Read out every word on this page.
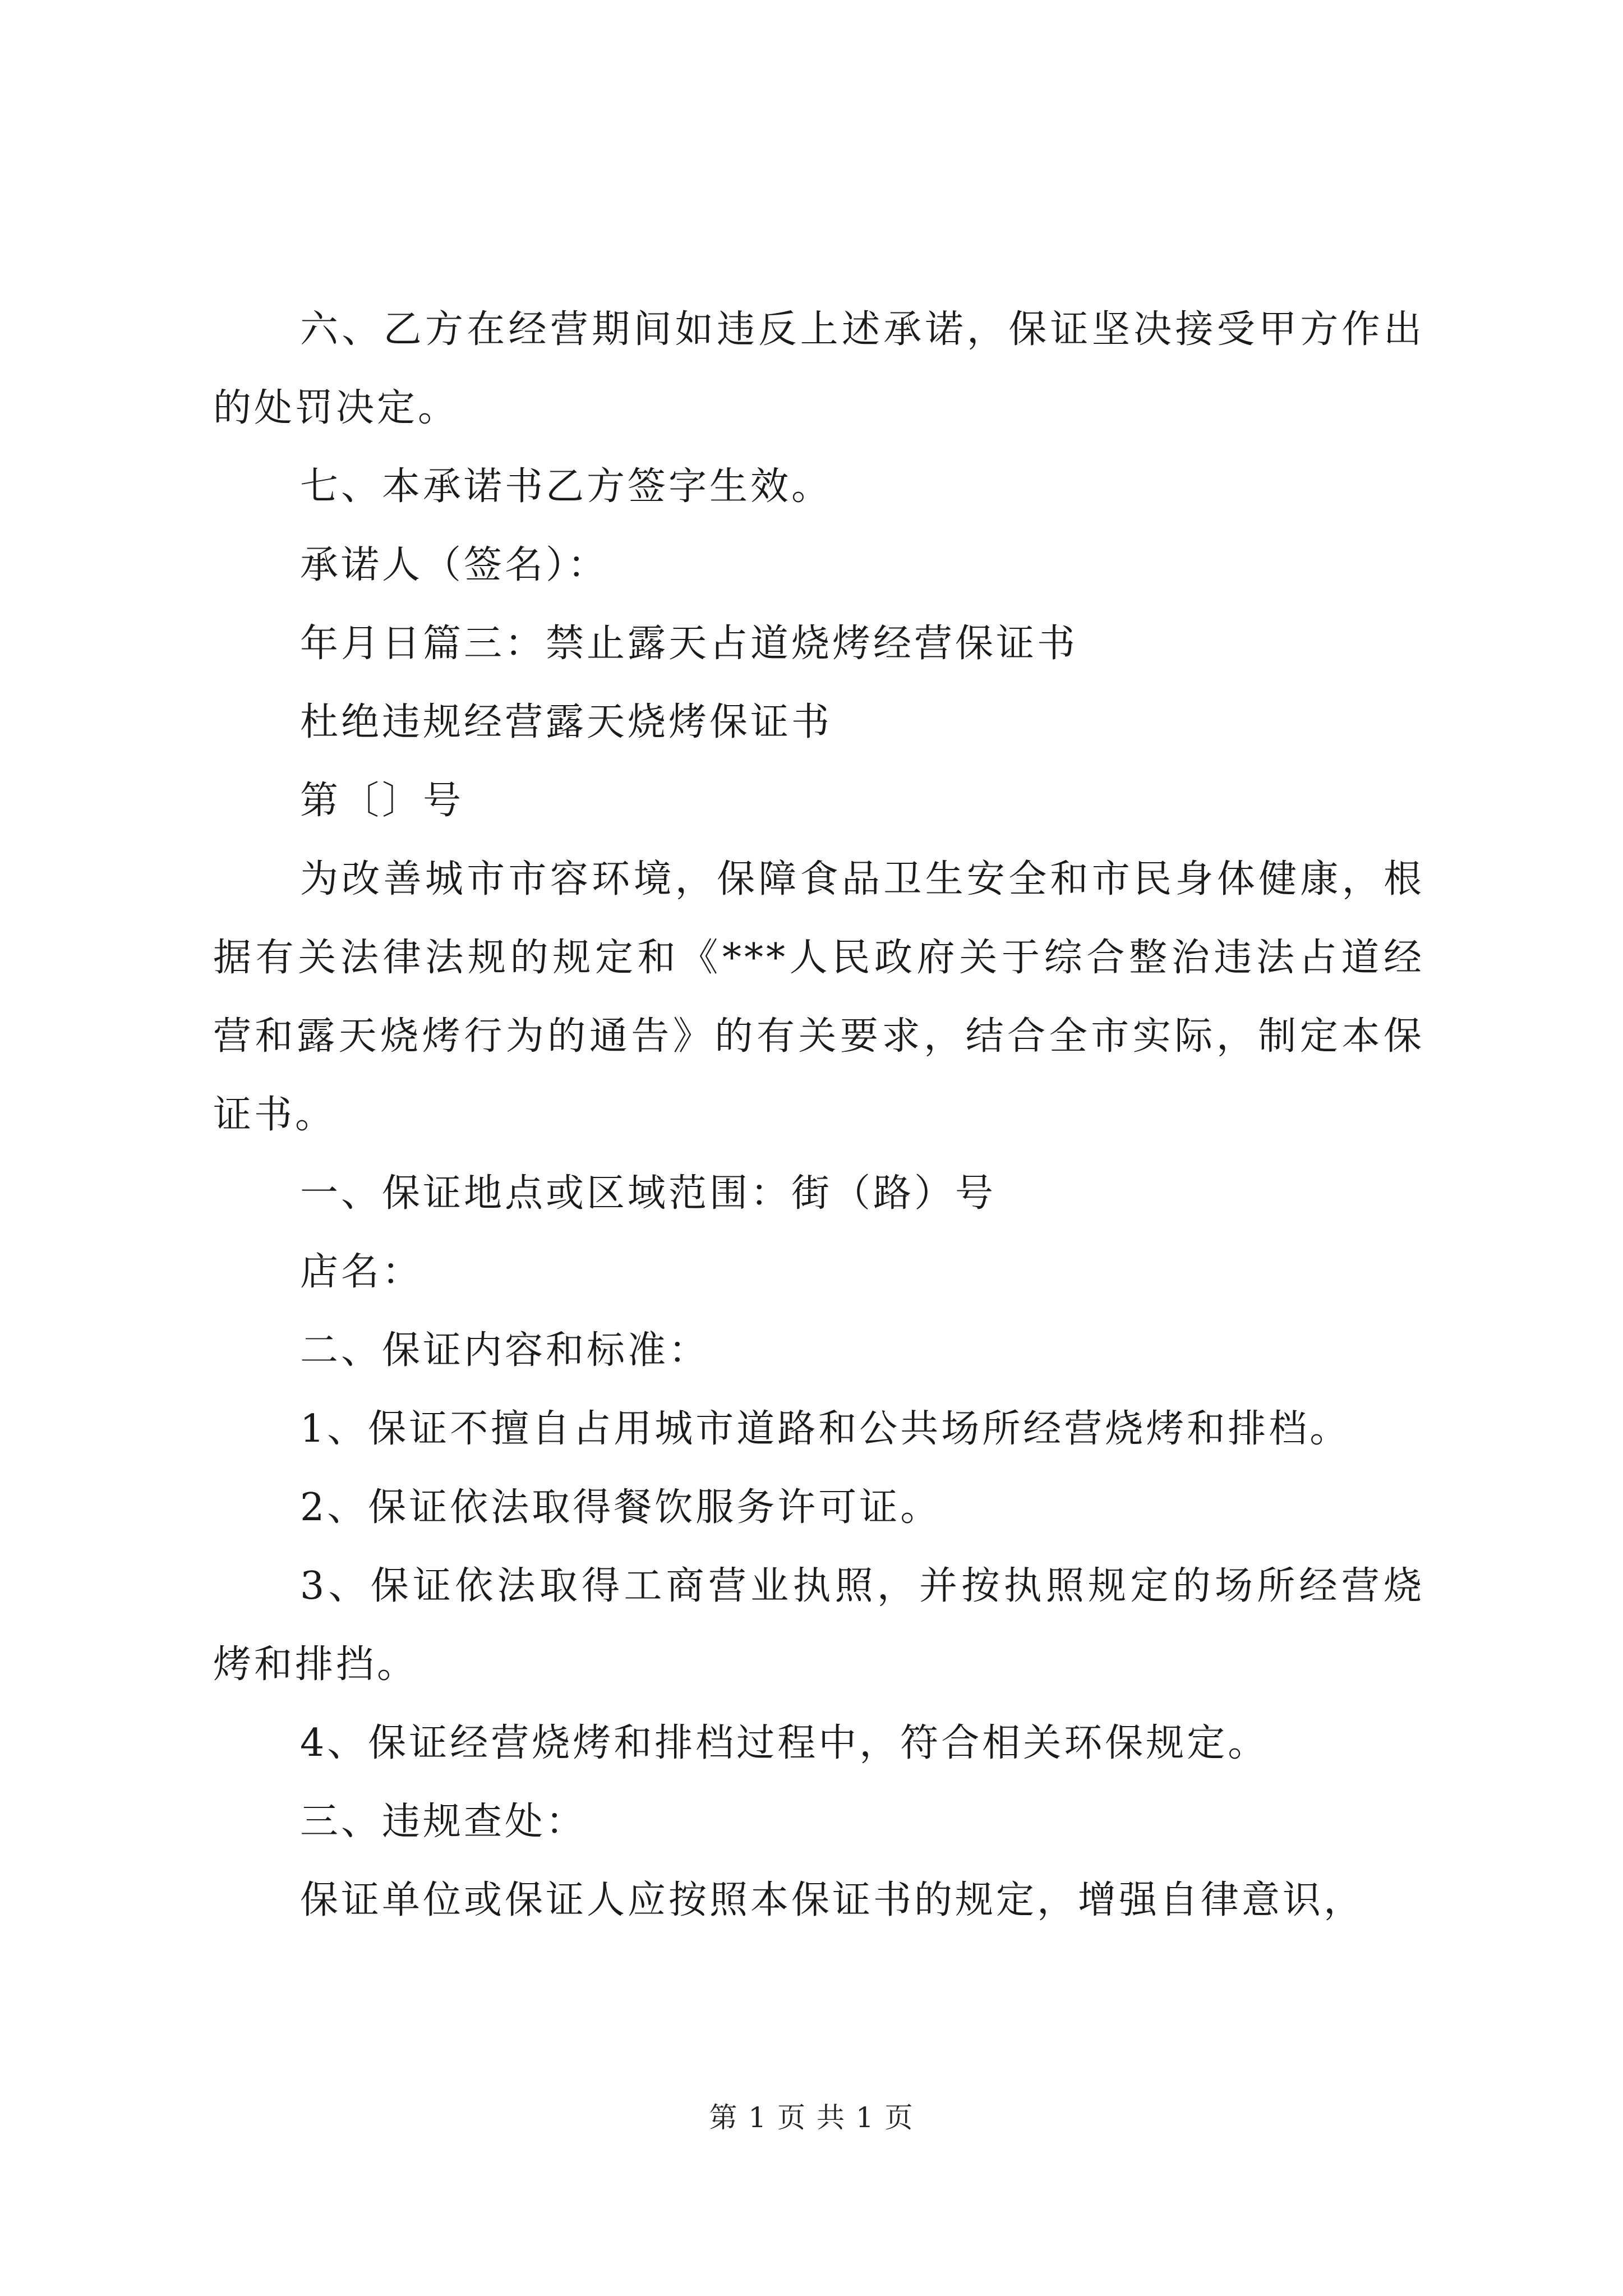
六、乙方在经营期间如违反上述承诺，保证坚决接受甲方作出的处罚决定。

七、本承诺书乙方签字生效。

承诺人（签名）：

年月日篇三：禁止露天占道烧烤经营保证书

杜绝违规经营露天烧烤保证书

第〔〕号

为改善城市市容环境，保障食品卫生安全和市民身体健康，根据有关法律法规的规定和《***人民政府关于综合整治违法占道经营和露天烧烤行为的通告》的有关要求，结合全市实际，制定本保证书。

一、保证地点或区域范围：街（路）号

店名：

二、保证内容和标准：

1、保证不擅自占用城市道路和公共场所经营烧烤和排档。

2、保证依法取得餐饮服务许可证。

3、保证依法取得工商营业执照，并按执照规定的场所经营烧烤和排挡。

4、保证经营烧烤和排档过程中，符合相关环保规定。

三、违规查处：

保证单位或保证人应按照本保证书的规定，增强自律意识，

第 1 页 共 1 页
